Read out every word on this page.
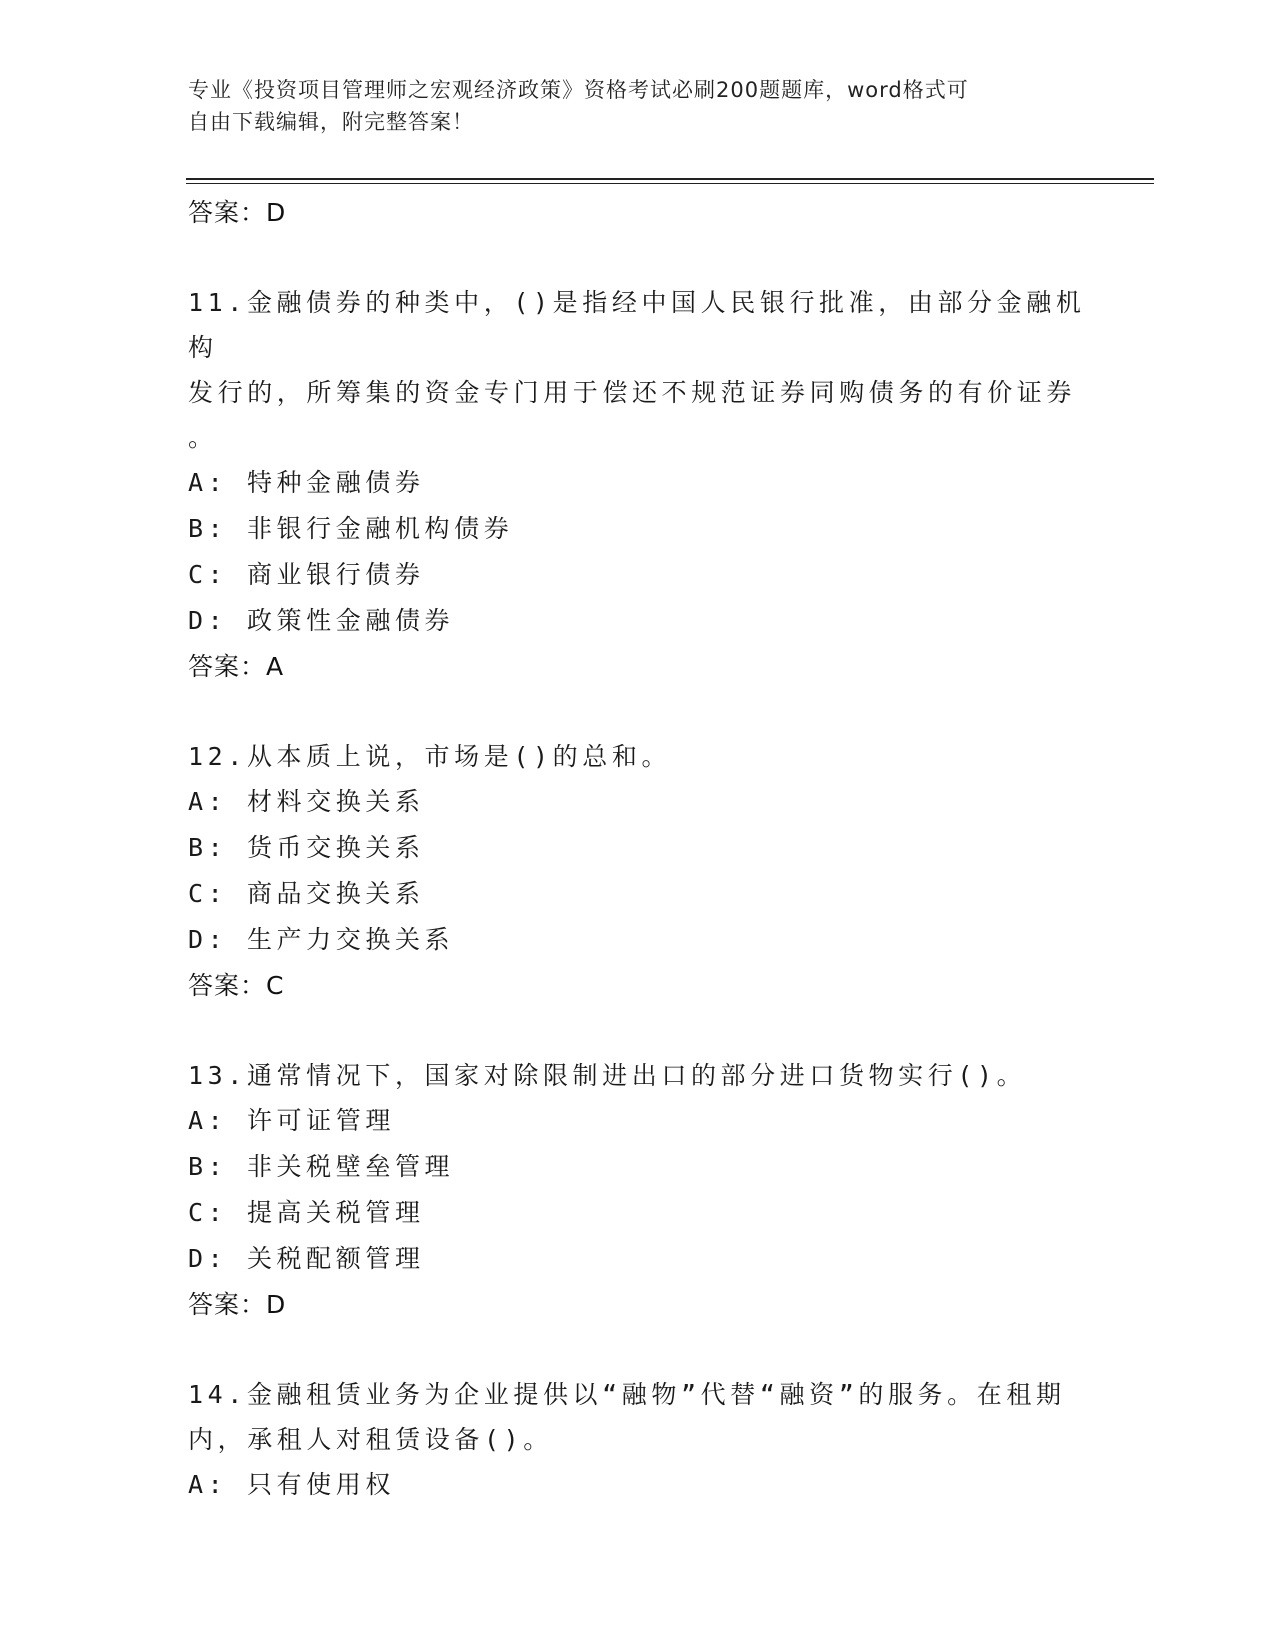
专业《投资项目管理师之宏观经济政策》资格考试必刷200题题库，word格式可
自由下载编辑，附完整答案！
答案：D
11.金融债券的种类中，()是指经中国人民银行批准，由部分金融机构
发行的，所筹集的资金专门用于偿还不规范证券同购债务的有价证券
。
A: 特种金融债券
B: 非银行金融机构债券
C: 商业银行债券
D: 政策性金融债券
答案：A
12.从本质上说，市场是()的总和。
A: 材料交换关系
B: 货币交换关系
C: 商品交换关系
D: 生产力交换关系
答案：C
13.通常情况下，国家对除限制进出口的部分进口货物实行()。
A: 许可证管理
B: 非关税壁垒管理
C: 提高关税管理
D: 关税配额管理
答案：D
14.金融租赁业务为企业提供以“融物”代替“融资”的服务。在租期
内，承租人对租赁设备()。
A: 只有使用权
